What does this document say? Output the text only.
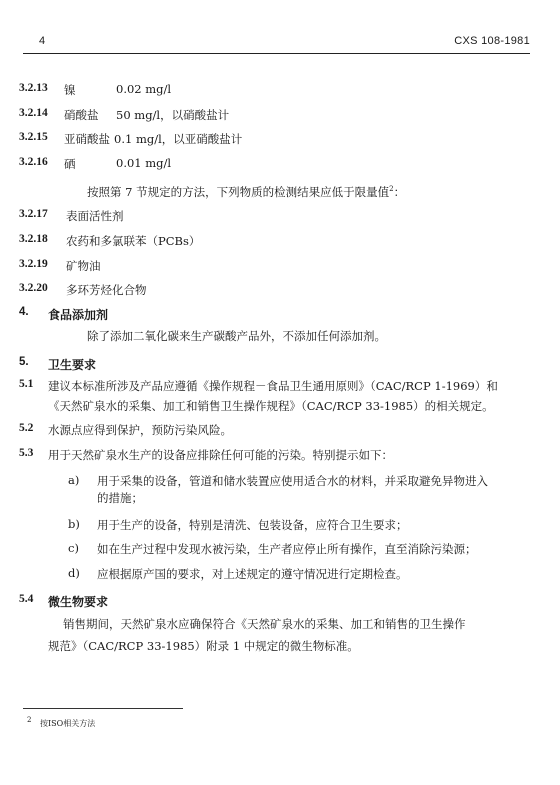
4	CXS 108-1981
3.2.13 镍	0.02 mg/l
3.2.14 硝酸盐 50 mg/l，以硝酸盐计
3.2.15 亚硝酸盐 0.1 mg/l，以亚硝酸盐计
3.2.16 硒	0.01 mg/l
按照第 7 节规定的方法，下列物质的检测结果应低于限量值$^2$：
3.2.17 表面活性剂
3.2.18 农药和多氯联苯（PCBs）
3.2.19 矿物油
3.2.20 多环芳烃化合物
4. 食品添加剂
除了添加二氧化碳来生产碳酸产品外，不添加任何添加剂。
5. 卫生要求
5.1 建议本标准所涉及产品应遵循《操作规程－食品卫生通用原则》（CAC/RCP 1-1969）和
《天然矿泉水的采集、加工和销售卫生操作规程》（CAC/RCP 33-1985）的相关规定。
5.2 水源点应得到保护，预防污染风险。
5.3 用于天然矿泉水生产的设备应排除任何可能的污染。特别提示如下：
a) 用于采集的设备，管道和储水装置应使用适合水的材料，并采取避免异物进入
的措施；
b) 用于生产的设备，特别是清洗、包装设备，应符合卫生要求；
c) 如在生产过程中发现水被污染，生产者应停止所有操作，直至消除污染源；
d) 应根据原产国的要求，对上述规定的遵守情况进行定期检查。
5.4 微生物要求
销售期间，天然矿泉水应确保符合《天然矿泉水的采集、加工和销售的卫生操作
规范》（CAC/RCP 33-1985）附录 1 中规定的微生物标准。
$^2$ 按ISO相关方法
